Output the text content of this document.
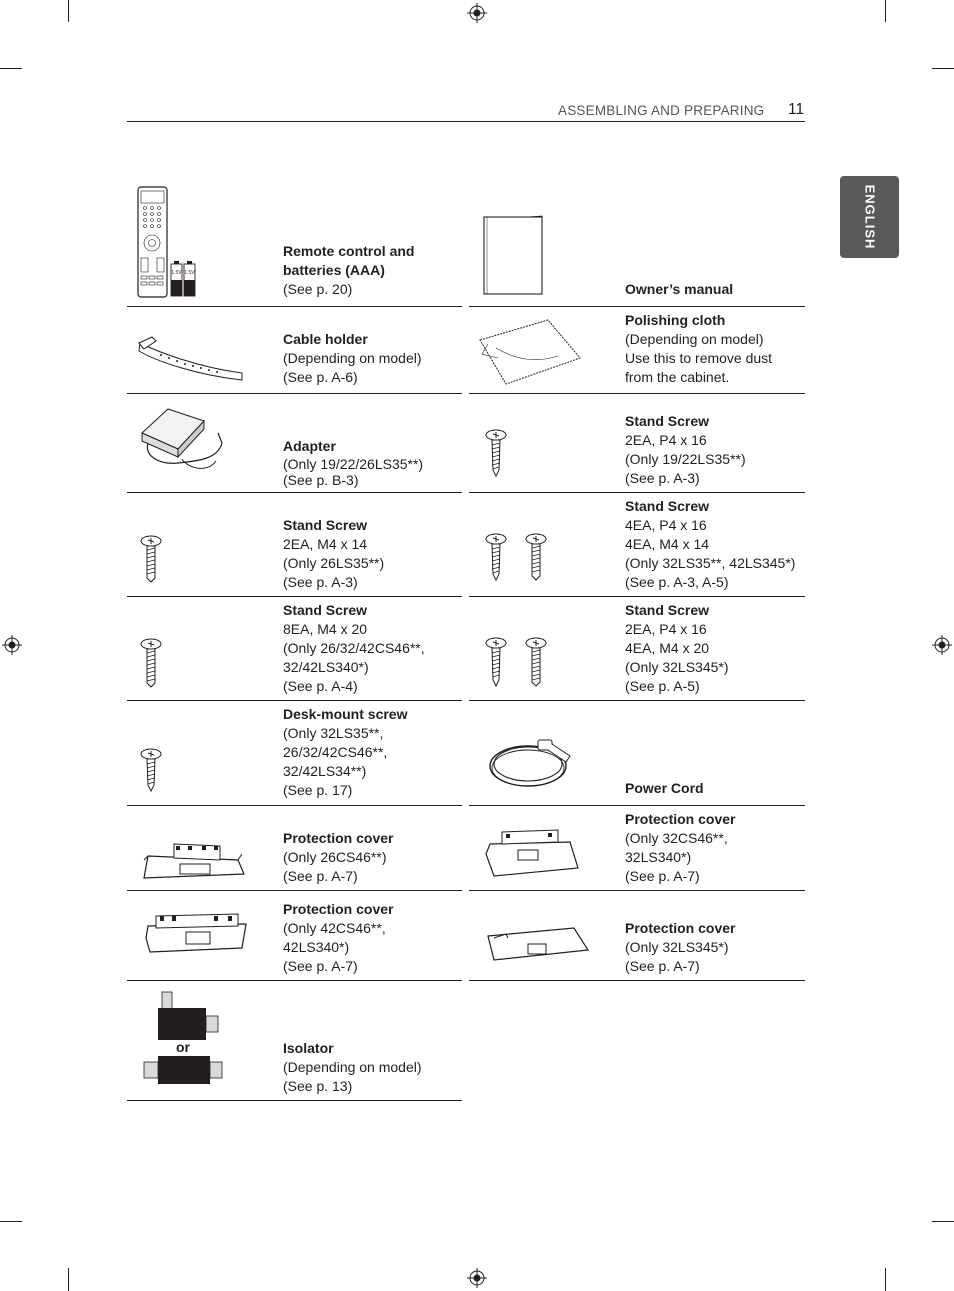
ASSEMBLING AND PREPARING 11
ENGLISH
Remote control and batteries (AAA)
(See p. 20)
Cable holder
(Depending on model)
(See p. A-6)
Adapter
(Only 19/22/26LS35**)
(See p. B-3)
Stand Screw
2EA, M4 x 14
(Only 26LS35**)
(See p. A-3)
Stand Screw
8EA, M4 x 20
(Only 26/32/42CS46**,
32/42LS340*)
(See p. A-4)
Desk-mount screw
(Only 32LS35**,
26/32/42CS46**,
32/42LS34**)
(See p. 17)
Protection cover
(Only 26CS46**)
(See p. A-7)
Protection cover
(Only 42CS46**,
42LS340*)
(See p. A-7)
Isolator
(Depending on model)
(See p. 13)
Owner’s manual
Polishing cloth
(Depending on model)
Use this to remove dust
from the cabinet.
Stand Screw
2EA, P4 x 16
(Only 19/22LS35**)
(See p. A-3)
Stand Screw
4EA, P4 x 16
4EA, M4 x 14
(Only 32LS35**, 42LS345*)
(See p. A-3, A-5)
Stand Screw
2EA, P4 x 16
4EA, M4 x 20
(Only 32LS345*)
(See p. A-5)
Power Cord
Protection cover
(Only 32CS46**,
32LS340*)
(See p. A-7)
Protection cover
(Only 32LS345*)
(See p. A-7)
1.5V 1.5V
or
